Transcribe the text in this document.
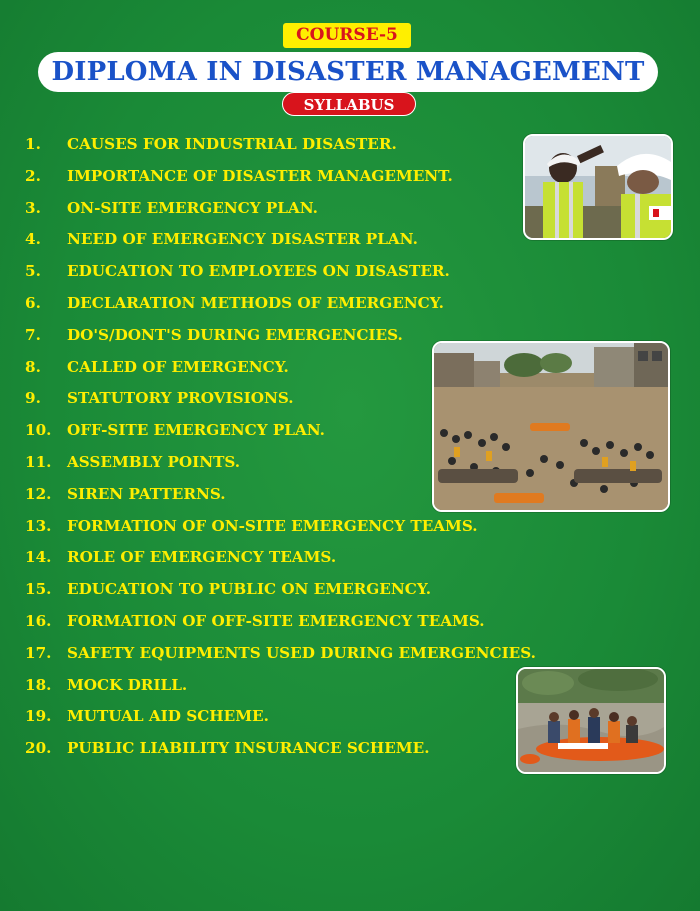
COURSE-5
DIPLOMA IN DISASTER MANAGEMENT
SYLLABUS
1.	CAUSES FOR INDUSTRIAL DISASTER.
2.	IMPORTANCE OF DISASTER MANAGEMENT.
3.	ON-SITE EMERGENCY PLAN.
4.	NEED OF EMERGENCY DISASTER PLAN.
5.	EDUCATION TO EMPLOYEES ON DISASTER.
6.	DECLARATION METHODS OF EMERGENCY.
7.	DO'S/DONT'S DURING EMERGENCIES.
8.	CALLED OF EMERGENCY.
9.	STATUTORY PROVISIONS.
10.	OFF-SITE EMERGENCY PLAN.
11.	ASSEMBLY POINTS.
12.	SIREN PATTERNS.
13.	FORMATION OF ON-SITE EMERGENCY TEAMS.
14.	ROLE OF EMERGENCY TEAMS.
15.	EDUCATION TO PUBLIC ON EMERGENCY.
16.	FORMATION OF OFF-SITE EMERGENCY TEAMS.
17.	SAFETY EQUIPMENTS USED DURING EMERGENCIES.
18.	MOCK DRILL.
19.	MUTUAL AID SCHEME.
20.	PUBLIC LIABILITY INSURANCE SCHEME.
